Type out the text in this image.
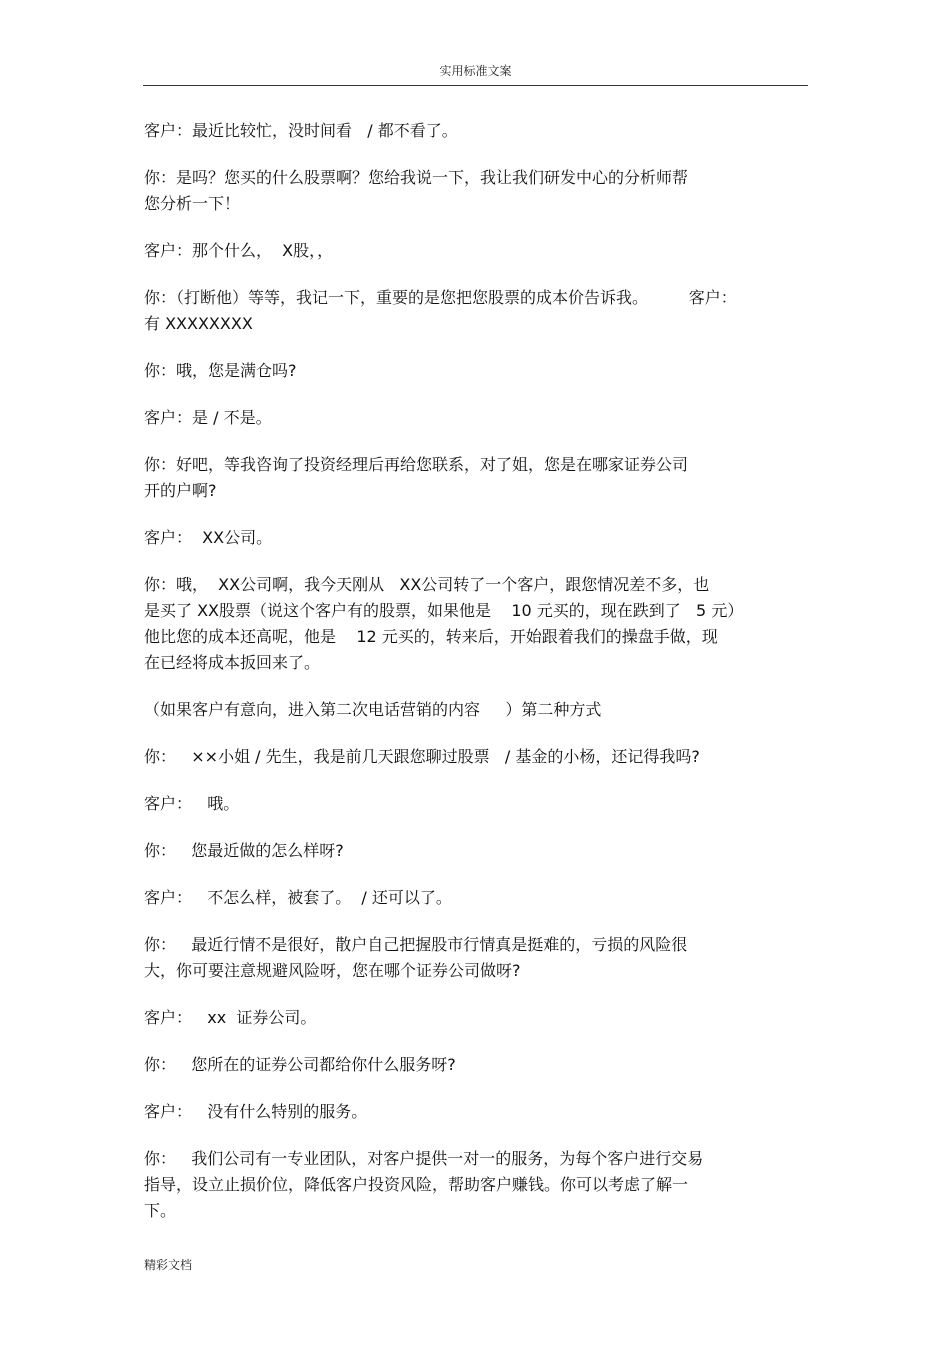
实用标准文案
客户：最近比较忙，没时间看   / 都不看了。
你：是吗？您买的什么股票啊？您给我说一下，我让我们研发中心的分析师帮
您分析一下！
客户：那个什么，  X股，，
你：（打断他）等等，我记一下，重要的是您把您股票的成本价告诉我。        客户：
有 XXXXXXXX
你：哦，您是满仓吗?
客户：是 / 不是。
你：好吧，等我咨询了投资经理后再给您联系，对了姐，您是在哪家证券公司
开的户啊?
客户：  XX公司。
你：哦，  XX公司啊，我今天刚从   XX公司转了一个客户，跟您情况差不多，也
是买了 XX股票（说这个客户有的股票，如果他是    10 元买的，现在跌到了   5 元）
他比您的成本还高呢，他是    12 元买的，转来后，开始跟着我们的操盘手做，现
在已经将成本扳回来了。
（如果客户有意向，进入第二次电话营销的内容     ）第二种方式
你：   ××小姐 / 先生，我是前几天跟您聊过股票   / 基金的小杨，还记得我吗?
客户：   哦。
你：   您最近做的怎么样呀?
客户：   不怎么样，被套了。  / 还可以了。
你：   最近行情不是很好，散户自己把握股市行情真是挺难的，亏损的风险很
大，你可要注意规避风险呀，您在哪个证券公司做呀?
客户：   xx  证券公司。
你：   您所在的证券公司都给你什么服务呀?
客户：   没有什么特别的服务。
你：   我们公司有一专业团队，对客户提供一对一的服务，为每个客户进行交易
指导，设立止损价位，降低客户投资风险，帮助客户赚钱。你可以考虑了解一
下。
精彩文档
